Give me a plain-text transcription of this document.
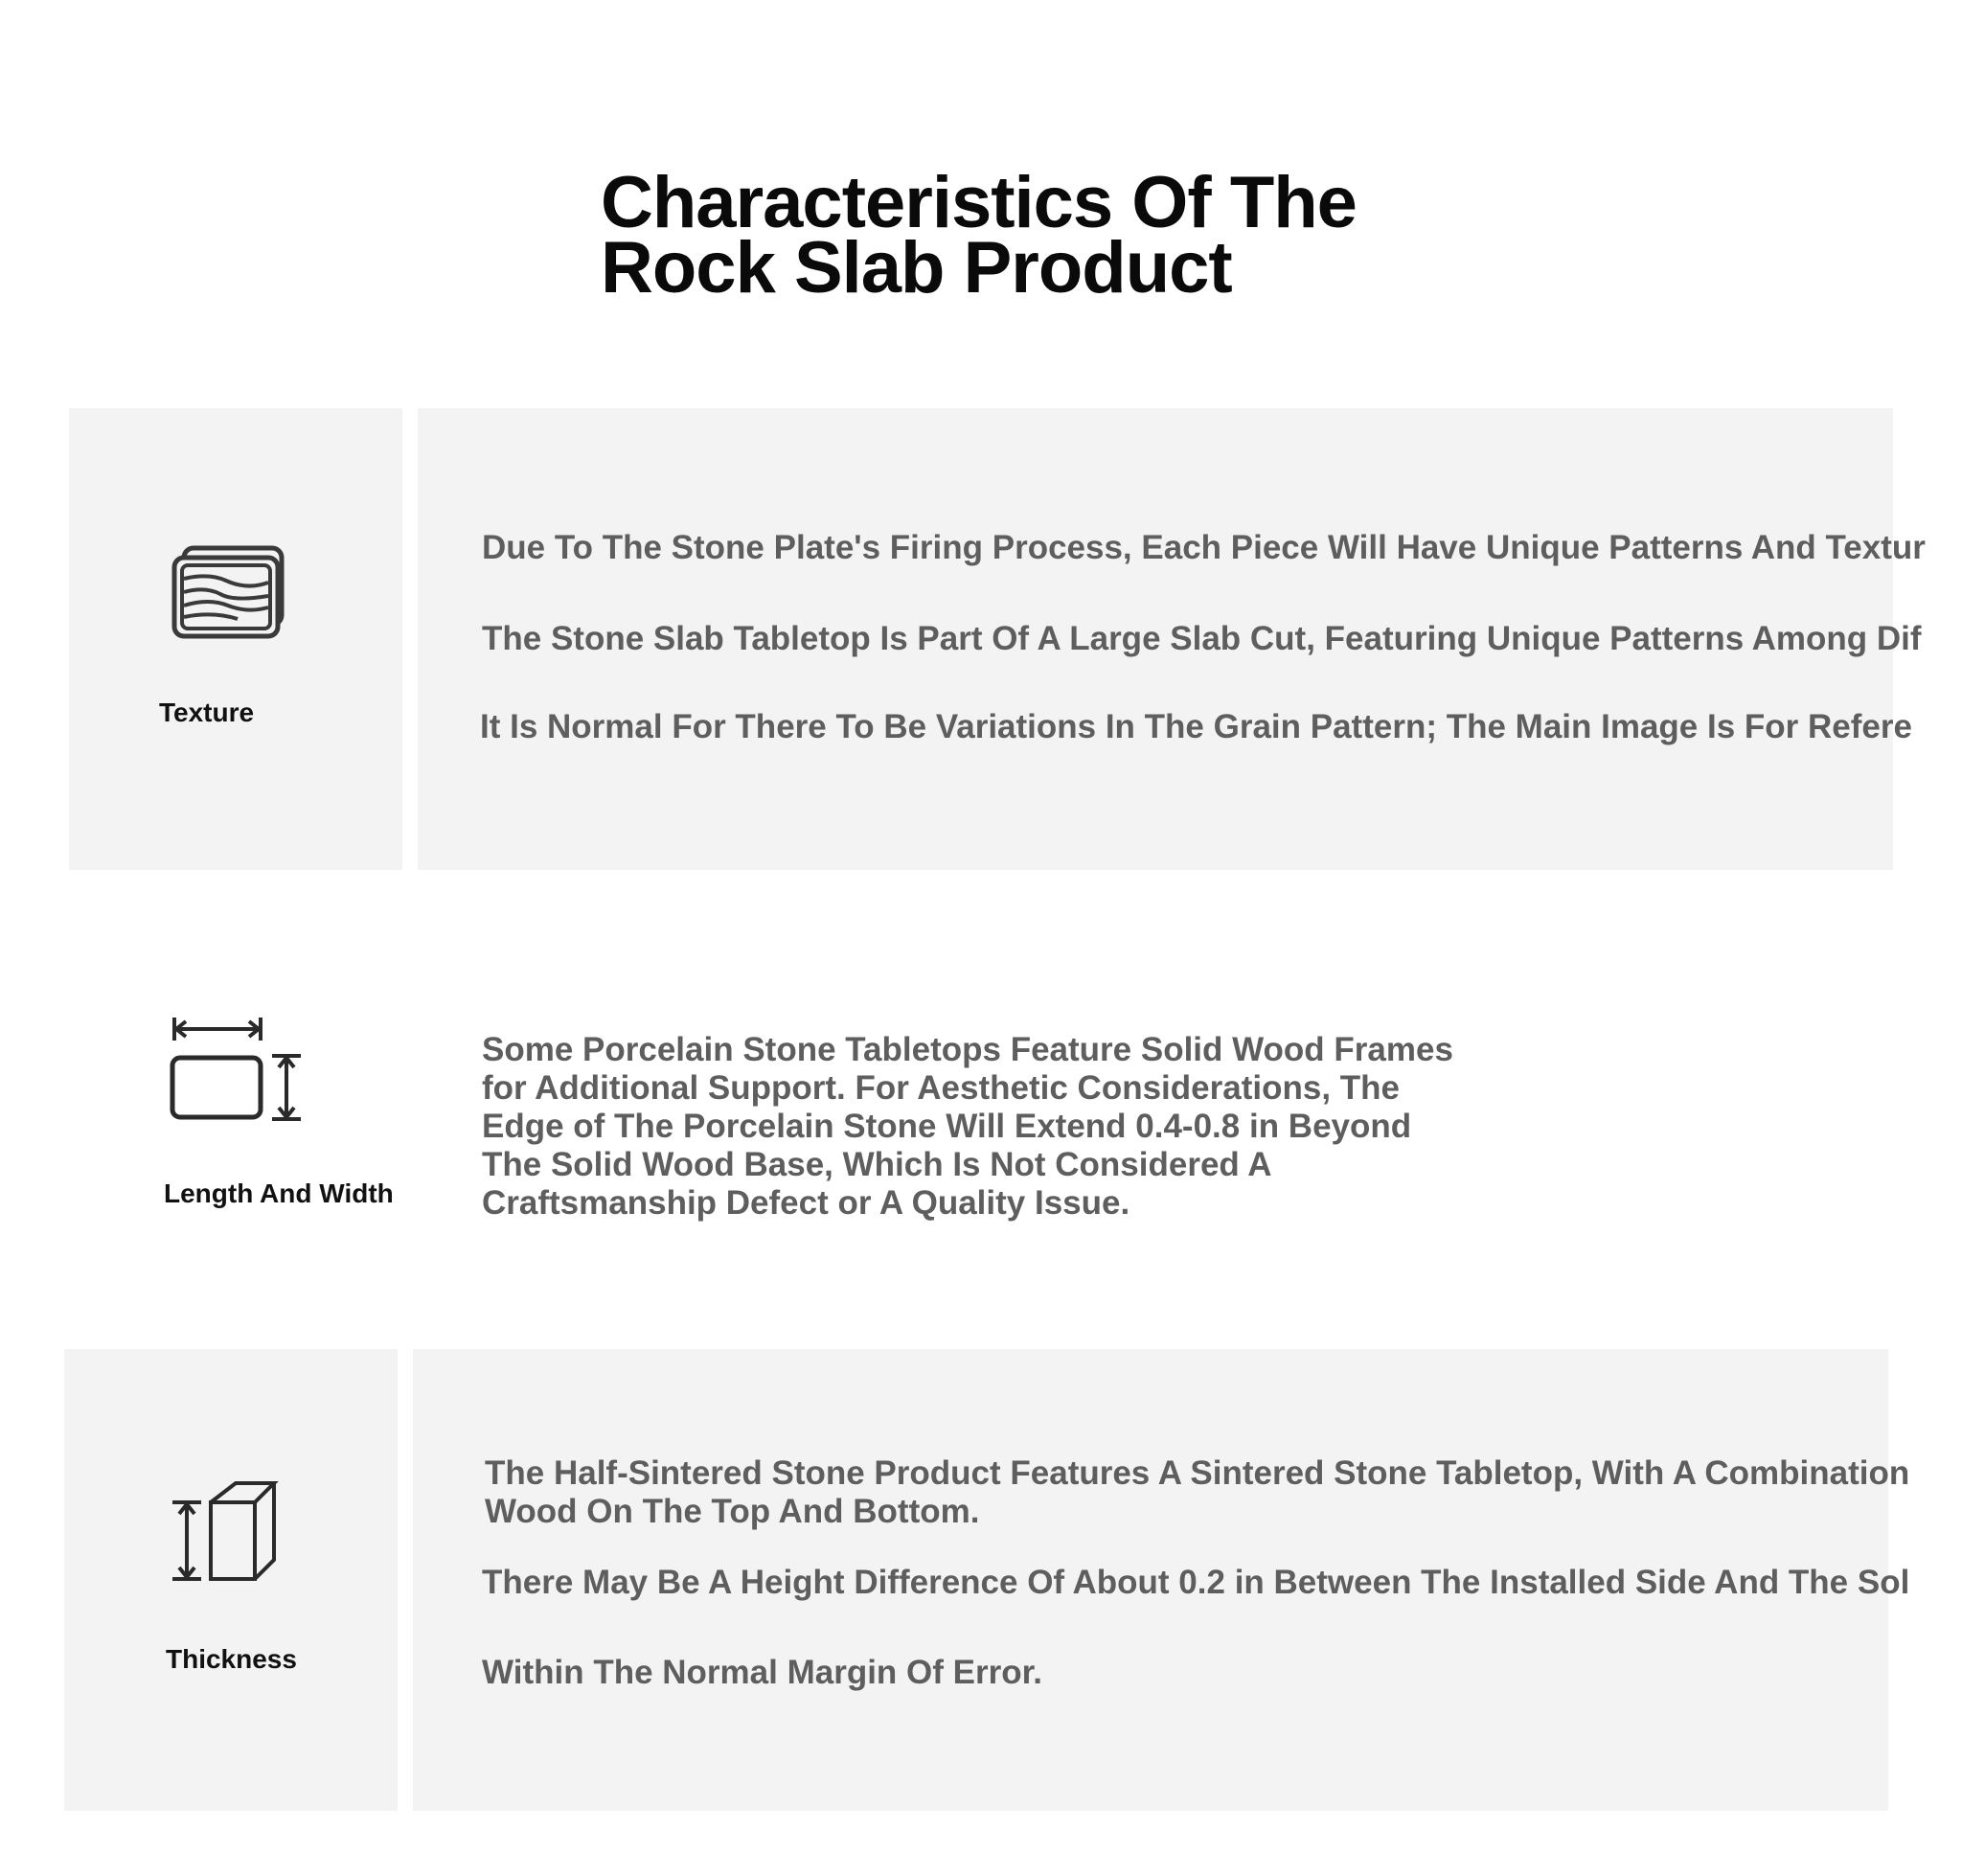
Characteristics Of The
Rock Slab Product
Texture

Due To The Stone Plate's Firing Process, Each Piece Will Have Unique Patterns And Textur

The Stone Slab Tabletop Is Part Of A Large Slab Cut, Featuring Unique Patterns Among Dif

It Is Normal For There To Be Variations In The Grain Pattern; The Main Image Is For Refere

Length And Width
Some Porcelain Stone Tabletops Feature Solid Wood Frames
for Additional Support. For Aesthetic Considerations, The
Edge of The Porcelain Stone Will Extend 0.4-0.8 in Beyond
The Solid Wood Base, Which Is Not Considered A
Craftsmanship Defect or A Quality Issue.
Thickness
The Half-Sintered Stone Product Features A Sintered Stone Tabletop, With A Combination
Wood On The Top And Bottom.

There May Be A Height Difference Of About 0.2 in Between The Installed Side And The Sol

Within The Normal Margin Of Error.
